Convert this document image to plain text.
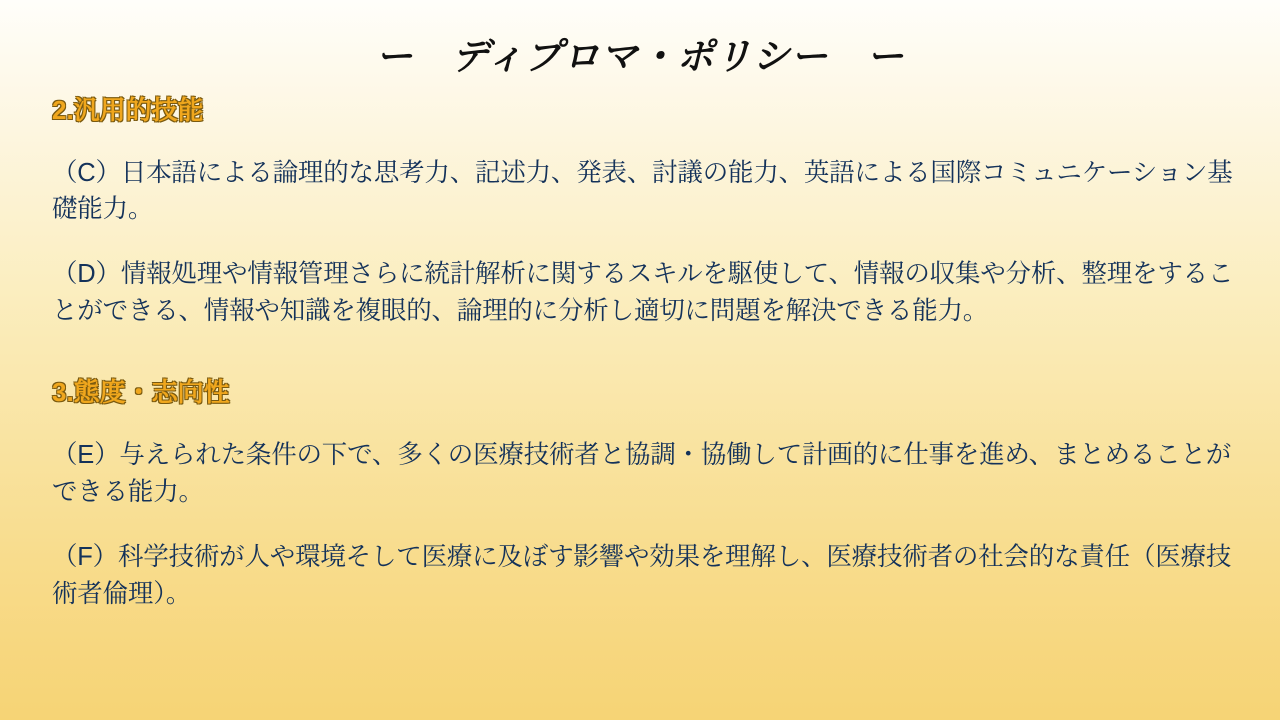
ー　ディプロマ・ポリシー　ー
2.汎用的技能

（C）日本語による論理的な思考力、記述力、発表、討議の能力、英語による国際コミュニケーション基礎能力。

（D）情報処理や情報管理さらに統計解析に関するスキルを駆使して、情報の収集や分析、整理をすることができる、情報や知識を複眼的、論理的に分析し適切に問題を解決できる能力。

3.態度・志向性

（E）与えられた条件の下で、多くの医療技術者と協調・協働して計画的に仕事を進め、まとめることができる能力。

（F）科学技術が人や環境そして医療に及ぼす影響や効果を理解し、医療技術者の社会的な責任（医療技術者倫理）。
